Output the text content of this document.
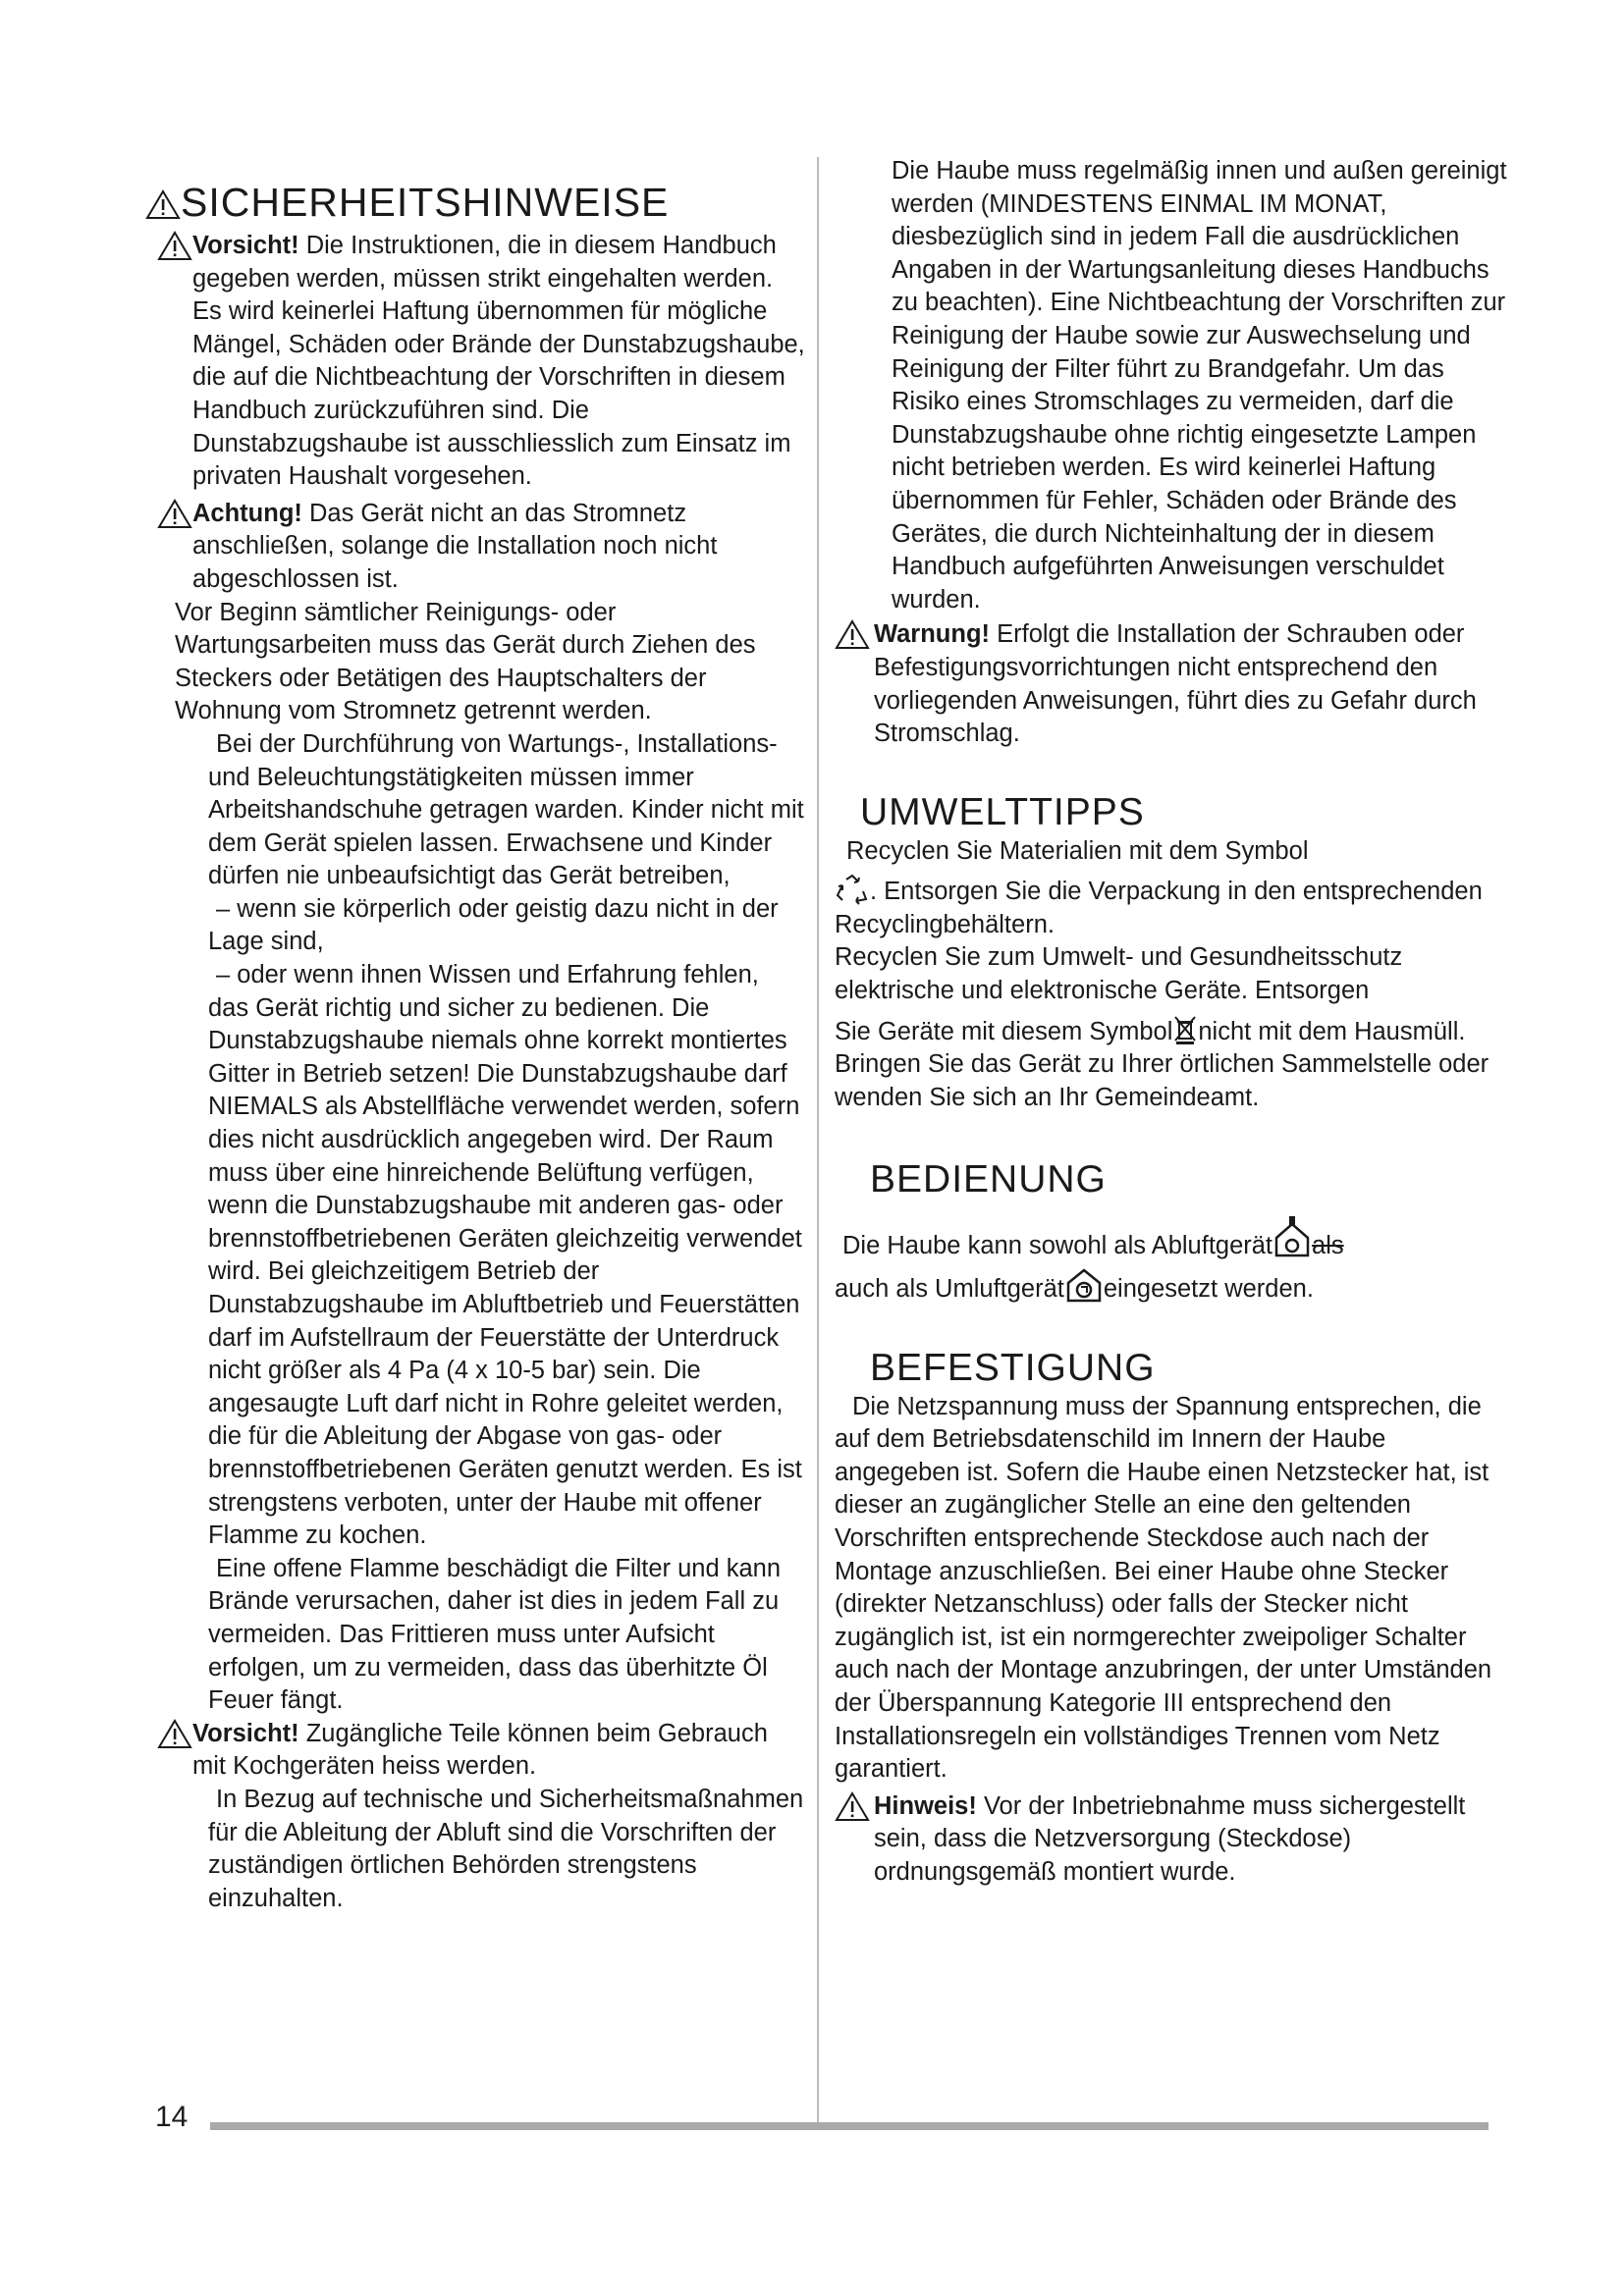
SICHERHEITSHINWEISE
Vorsicht! Die Instruktionen, die in diesem Handbuch gegeben werden, müssen strikt eingehalten werden. Es wird keinerlei Haftung übernommen für mögliche Mängel, Schäden oder Brände der Dunstabzugshaube, die auf die Nichtbeachtung der Vorschriften in diesem Handbuch zurückzuführen sind. Die Dunstabzugshaube ist ausschliesslich zum Einsatz im privaten Haushalt vorgesehen.
Achtung! Das Gerät nicht an das Stromnetz anschließen, solange die Installation noch nicht abgeschlossen ist.
Vor Beginn sämtlicher Reinigungs- oder Wartungsarbeiten muss das Gerät durch Ziehen des Steckers oder Betätigen des Hauptschalters der Wohnung vom Stromnetz getrennt werden.
Bei der Durchführung von Wartungs-, Installations- und Beleuchtungstätigkeiten müssen immer Arbeitshandschuhe getragen warden. Kinder nicht mit dem Gerät spielen lassen. Erwachsene und Kinder dürfen nie unbeaufsichtigt das Gerät betreiben,
– wenn sie körperlich oder geistig dazu nicht in der Lage sind,
– oder wenn ihnen Wissen und Erfahrung fehlen, das Gerät richtig und sicher zu bedienen. Die Dunstabzugshaube niemals ohne korrekt montiertes Gitter in Betrieb setzen! Die Dunstabzugshaube darf NIEMALS als Abstellfläche verwendet werden, sofern dies nicht ausdrücklich angegeben wird. Der Raum muss über eine hinreichende Belüftung verfügen, wenn die Dunstabzugshaube mit anderen gas- oder brennstoffbetriebenen Geräten gleichzeitig verwendet wird. Bei gleichzeitigem Betrieb der Dunstabzugshaube im Abluftbetrieb und Feuerstätten darf im Aufstellraum der Feuerstätte der Unterdruck nicht größer als 4 Pa (4 x 10-5 bar) sein. Die angesaugte Luft darf nicht in Rohre geleitet werden, die für die Ableitung der Abgase von gas- oder brennstoffbetriebenen Geräten genutzt werden. Es ist strengstens verboten, unter der Haube mit offener Flamme zu kochen.
Eine offene Flamme beschädigt die Filter und kann Brände verursachen, daher ist dies in jedem Fall zu vermeiden. Das Frittieren muss unter Aufsicht erfolgen, um zu vermeiden, dass das überhitzte Öl Feuer fängt.
Vorsicht! Zugängliche Teile können beim Gebrauch mit Kochgeräten heiss werden.
In Bezug auf technische und Sicherheitsmaßnahmen für die Ableitung der Abluft sind die Vorschriften der zuständigen örtlichen Behörden strengstens einzuhalten.
Die Haube muss regelmäßig innen und außen gereinigt werden (MINDESTENS EINMAL IM MONAT, diesbezüglich sind in jedem Fall die ausdrücklichen Angaben in der Wartungsanleitung dieses Handbuchs zu beachten). Eine Nichtbeachtung der Vorschriften zur Reinigung der Haube sowie zur Auswechselung und Reinigung der Filter führt zu Brandgefahr. Um das Risiko eines Stromschlages zu vermeiden, darf die Dunstabzugshaube ohne richtig eingesetzte Lampen nicht betrieben werden. Es wird keinerlei Haftung übernommen für Fehler, Schäden oder Brände des Gerätes, die durch Nichteinhaltung der in diesem Handbuch aufgeführten Anweisungen verschuldet wurden.
Warnung! Erfolgt die Installation der Schrauben oder Befestigungsvorrichtungen nicht entsprechend den vorliegenden Anweisungen, führt dies zu Gefahr durch Stromschlag.
UMWELTTIPPS
Recyclen Sie Materialien mit dem Symbol
. Entsorgen Sie die Verpackung in den entsprechenden Recyclingbehältern.
Recyclen Sie zum Umwelt- und Gesundheitsschutz elektrische und elektronische Geräte. Entsorgen
Sie Geräte mit diesem Symbol nicht mit dem Hausmüll. Bringen Sie das Gerät zu Ihrer örtlichen Sammelstelle oder wenden Sie sich an Ihr Gemeindeamt.
BEDIENUNG
Die Haube kann sowohl als Abluftgerät als
auch als Umluftgerät eingesetzt werden.
BEFESTIGUNG
Die Netzspannung muss der Spannung entsprechen, die auf dem Betriebsdatenschild im Innern der Haube angegeben ist. Sofern die Haube einen Netzstecker hat, ist dieser an zugänglicher Stelle an eine den geltenden Vorschriften entsprechende Steckdose auch nach der Montage anzuschließen. Bei einer Haube ohne Stecker (direkter Netzanschluss) oder falls der Stecker nicht zugänglich ist, ist ein normgerechter zweipoliger Schalter auch nach der Montage anzubringen, der unter Umständen der Überspannung Kategorie III entsprechend den Installationsregeln ein vollständiges Trennen vom Netz garantiert.
Hinweis! Vor der Inbetriebnahme muss sichergestellt sein, dass die Netzversorgung (Steckdose) ordnungsgemäß montiert wurde.
14
